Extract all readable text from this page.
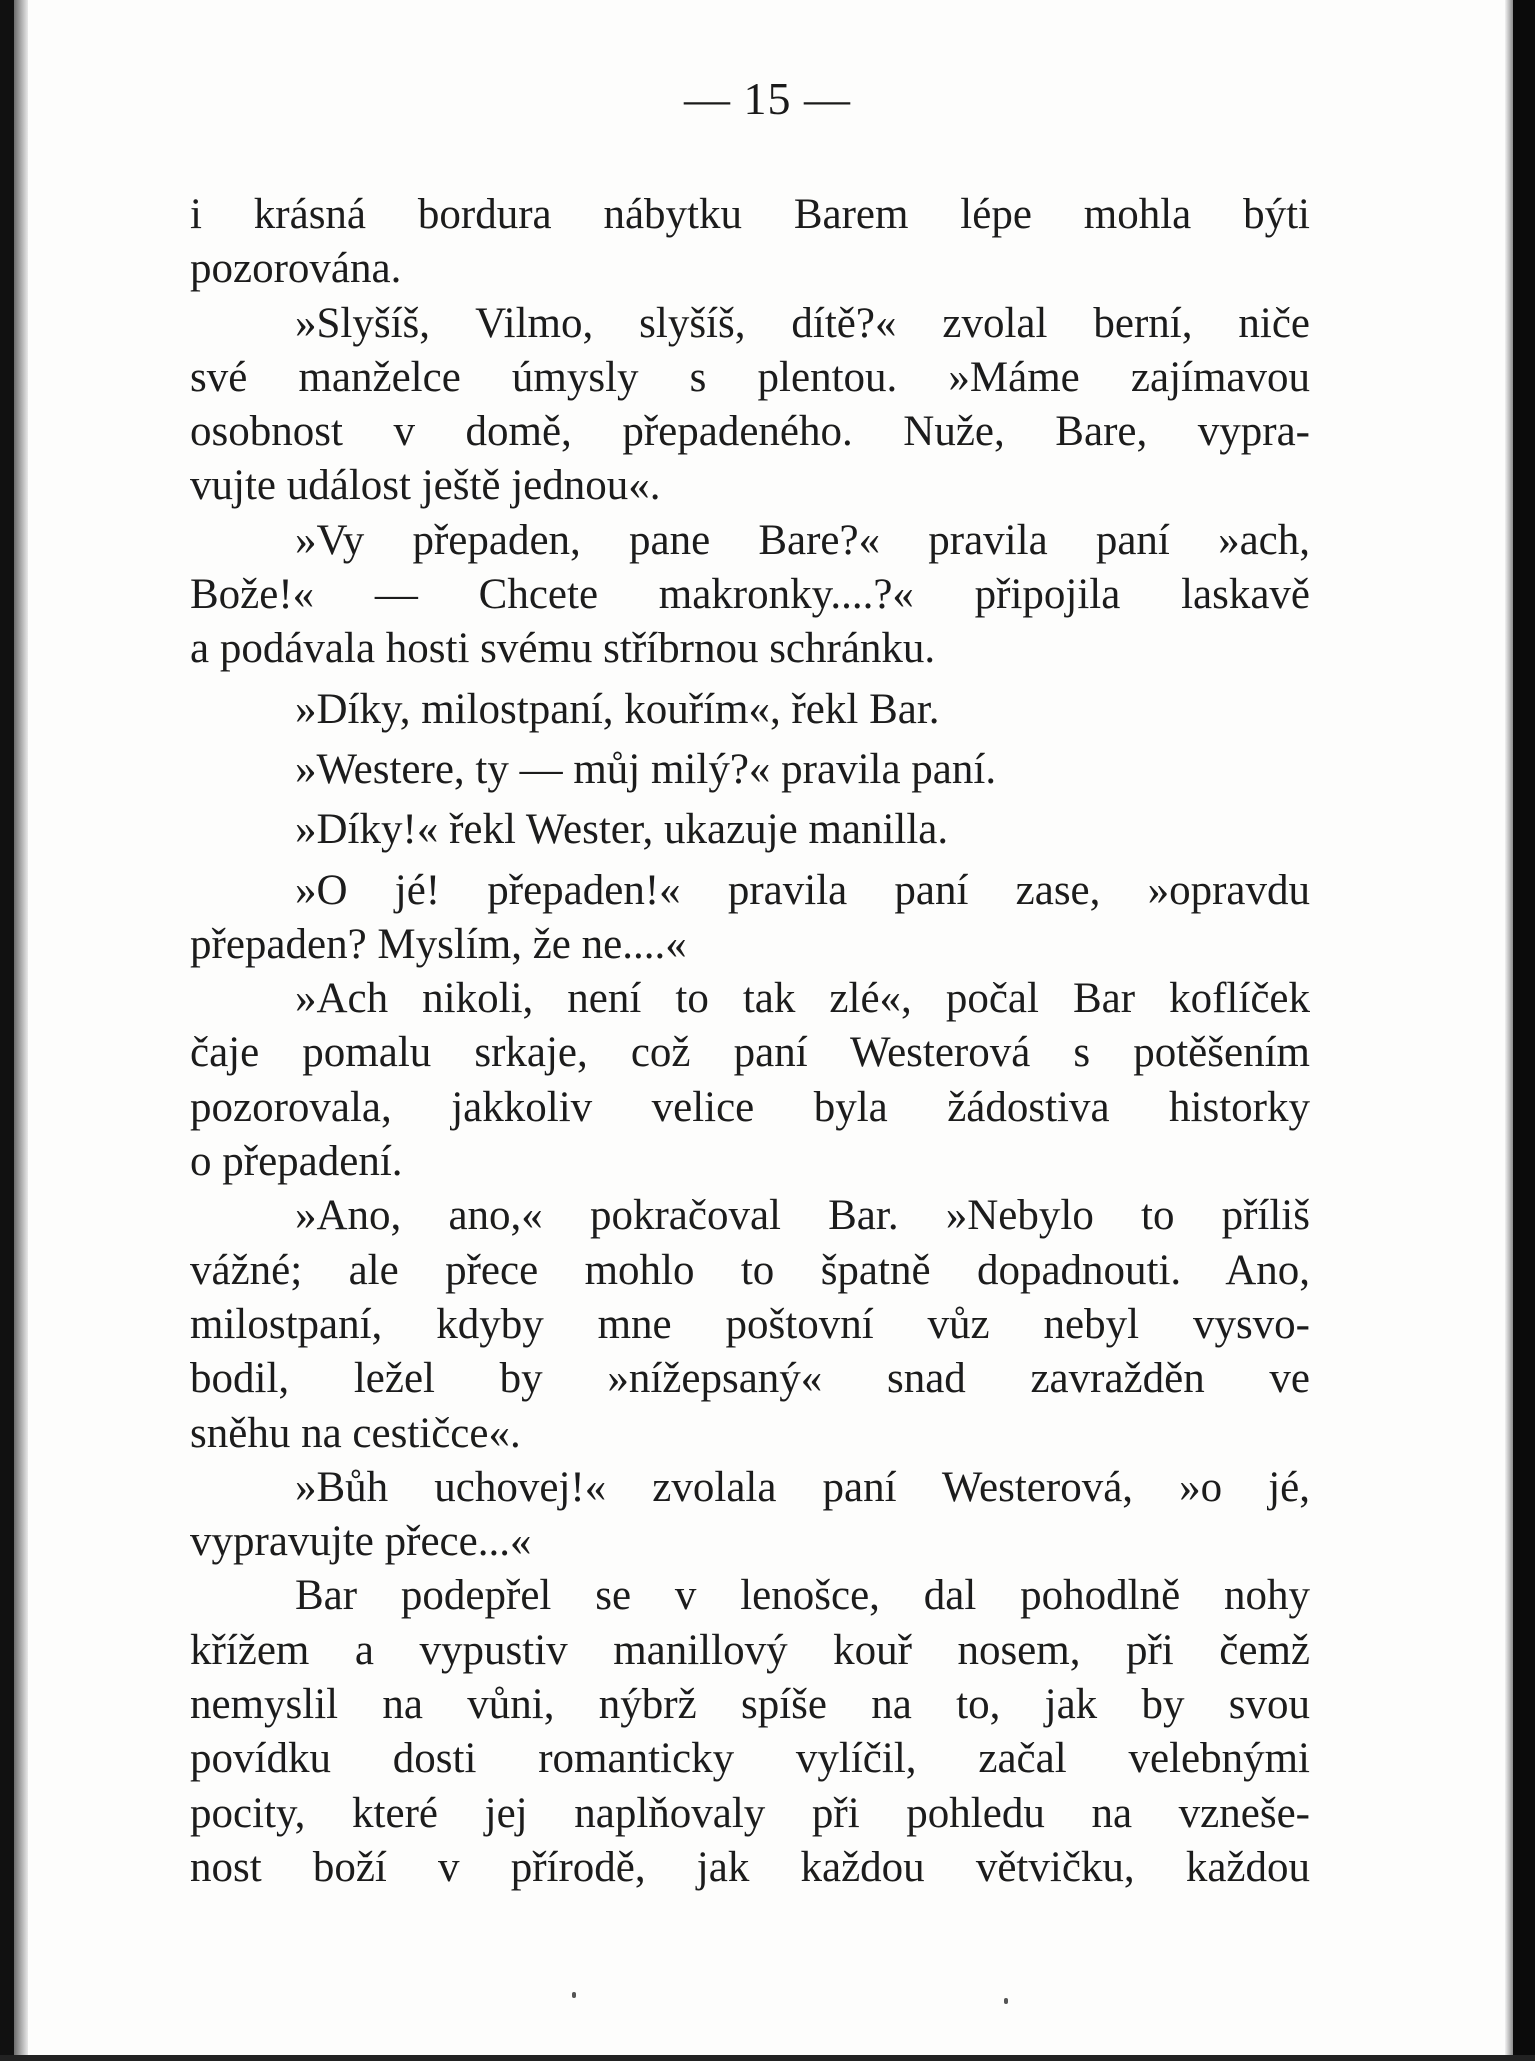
— 15 —
i krásná bordura nábytku Barem lépe mohla býti
pozorována.
»Slyšíš, Vilmo, slyšíš, dítě?« zvolal berní, niče
své manželce úmysly s plentou. »Máme zajímavou
osobnost v domě, přepadeného. Nuže, Bare, vypra-
vujte událost ještě jednou«.
»Vy přepaden, pane Bare?« pravila paní »ach,
Bože!« — Chcete makronky....?« připojila laskavě
a podávala hosti svému stříbrnou schránku.
»Díky, milostpaní, kouřím«, řekl Bar.
»Westere, ty — můj milý?« pravila paní.
»Díky!« řekl Wester, ukazuje manilla.
»O jé! přepaden!« pravila paní zase, »opravdu
přepaden? Myslím, že ne....«
»Ach nikoli, není to tak zlé«, počal Bar koflíček
čaje pomalu srkaje, což paní Westerová s potěšením
pozorovala, jakkoliv velice byla žádostiva historky
o přepadení.
»Ano, ano,« pokračoval Bar. »Nebylo to příliš
vážné; ale přece mohlo to špatně dopadnouti. Ano,
milostpaní, kdyby mne poštovní vůz nebyl vysvo-
bodil, ležel by »nížepsaný« snad zavražděn ve
sněhu na cestičce«.
»Bůh uchovej!« zvolala paní Westerová, »o jé,
vypravujte přece...«
Bar podepřel se v lenošce, dal pohodlně nohy
křížem a vypustiv manillový kouř nosem, při čemž
nemyslil na vůni, nýbrž spíše na to, jak by svou
povídku dosti romanticky vylíčil, začal velebnými
pocity, které jej naplňovaly při pohledu na vznešе-
nost boží v přírodě, jak každou větvičku, každou
